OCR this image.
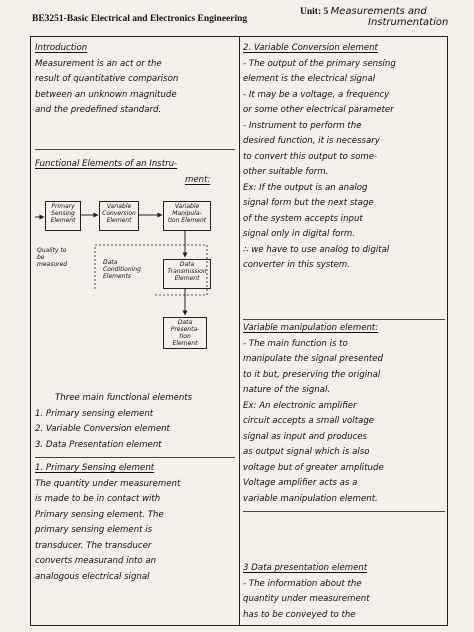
BE3251-Basic Electrical and Electronics Engineering
Unit: 5 Measurements and
Instrumentation

Introduction

Measurement is an act or the

result of quantitative comparison

between an unknown magnitude

and the predefined standard.

Functional Elements of an Instru-

ment:

Primary
Sensing
Element
Variable
Conversion
Element
Variable
Manipula-
tion Element
Data
Transmission
Element
Data
Presenta-
tion
Element
Quality to
be
measured	Data
Conditioning
Elements

Three main functional elements

1. Primary sensing element

2. Variable Conversion element

3. Data Presentation element

1. Primary Sensing element

The quantity under measurement

is made to be in contact with

Primary sensing element. The

primary sensing element is

transducer. The transducer

converts measurand into an

analogous electrical signal

2. Variable Conversion element

- The output of the primary sensing

element is the electrical signal

- It may be a voltage, a frequency

or some other electrical parameter

- Instrument to perform the

desired function, it is necessary

to convert this output to some-

other suitable form.

Ex: If the output is an analog

signal form but the next stage

of the system accepts input

signal only in digital form.

∴ we have to use analog to digital

converter in this system.

Variable manipulation element:

- The main function is to

manipulate the signal presented

to it but, preserving the original

nature of the signal.

Ex: An electronic amplifier

circuit accepts a small voltage

signal as input and produces

as output signal which is also

voltage but of greater amplitude

Voltage amplifier acts as a

variable manipulation element.

3 Data presentation element

- The information about the

quantity under measurement

has to be conveyed to the
